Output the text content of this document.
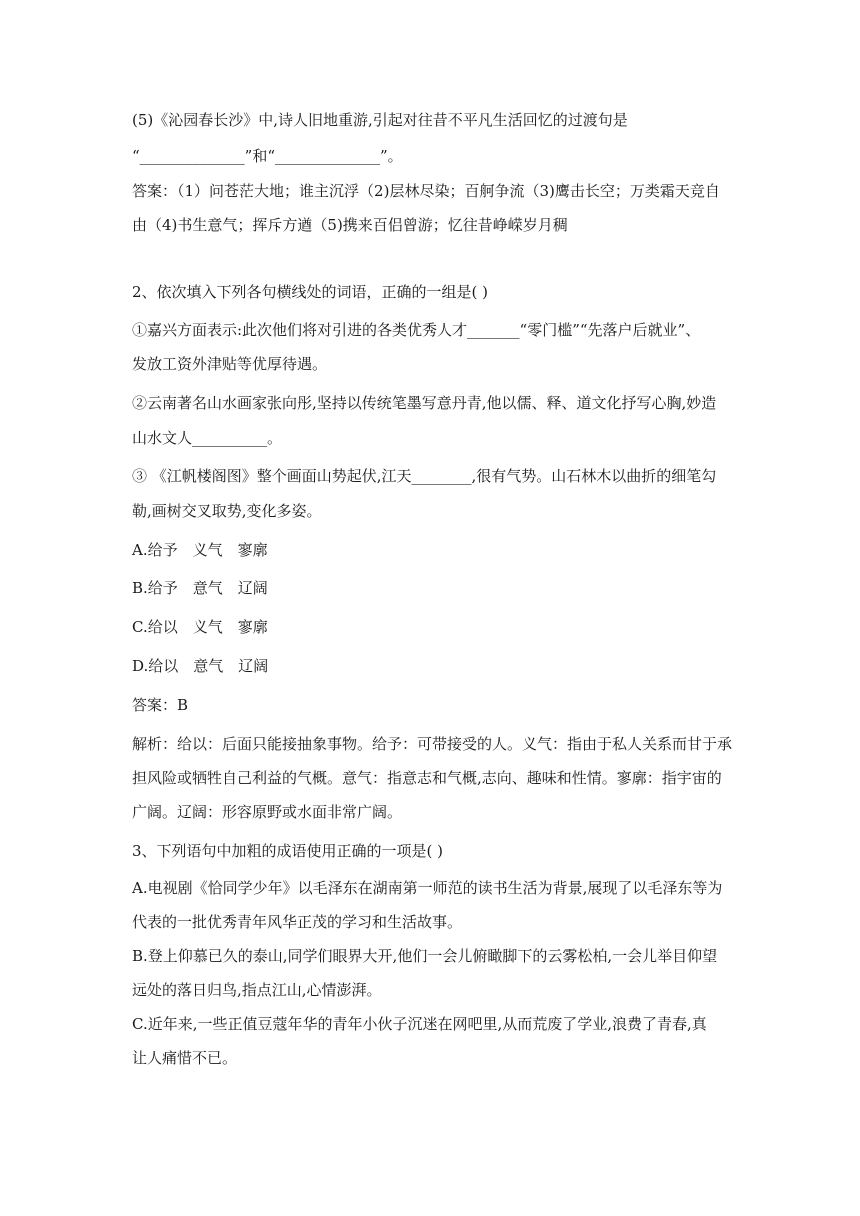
(5)《沁园春长沙》中,诗人旧地重游,引起对往昔不平凡生活回忆的过渡句是
“______________”和“______________”。
答案：（1）问苍茫大地；谁主沉浮（2)层林尽染；百舸争流（3)鹰击长空；万类霜天竞自
由（4)书生意气；挥斥方遒（5)携来百侣曾游；忆往昔峥嵘岁月稠
2、依次填入下列各句横线处的词语，正确的一组是( )
①嘉兴方面表示:此次他们将对引进的各类优秀人才_______“零门槛”“先落户后就业”、
发放工资外津贴等优厚待遇。
②云南著名山水画家张向彤,坚持以传统笔墨写意丹青,他以儒、释、道文化抒写心胸,妙造
山水文人__________。
③ 《江帆楼阁图》整个画面山势起伏,江天________,很有气势。山石林木以曲折的细笔勾
勒,画树交叉取势,变化多姿。
A.给予　义气　寥廓
B.给予　意气　辽阔
C.给以　义气　寥廓
D.给以　意气　辽阔
答案：B
解析：给以：后面只能接抽象事物。给予：可带接受的人。义气：指由于私人关系而甘于承
担风险或牺牲自己利益的气概。意气：指意志和气概,志向、趣味和性情。寥廓：指宇宙的
广阔。辽阔：形容原野或水面非常广阔。
3、下列语句中加粗的成语使用正确的一项是( )
A.电视剧《恰同学少年》以毛泽东在湖南第一师范的读书生活为背景,展现了以毛泽东等为
代表的一批优秀青年风华正茂的学习和生活故事。
B.登上仰慕已久的泰山,同学们眼界大开,他们一会儿俯瞰脚下的云雾松柏,一会儿举目仰望
远处的落日归鸟,指点江山,心情澎湃。
C.近年来,一些正值豆蔻年华的青年小伙子沉迷在网吧里,从而荒废了学业,浪费了青春,真
让人痛惜不已。
